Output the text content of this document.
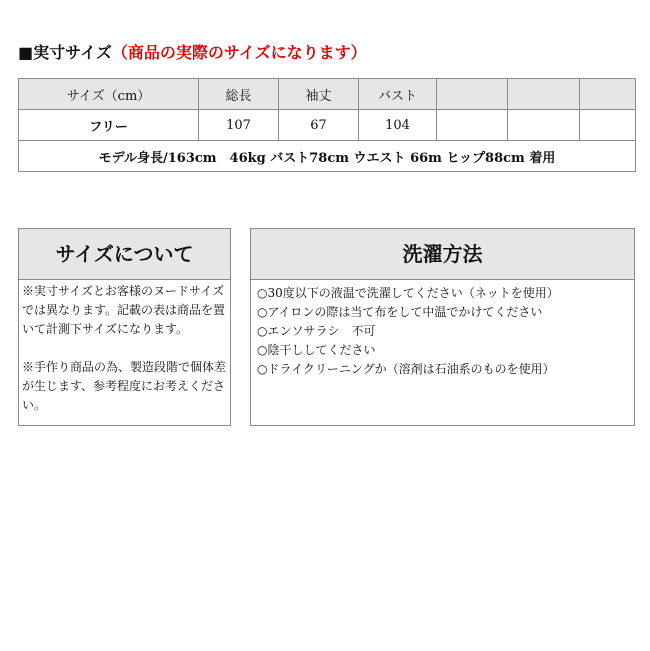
■実寸サイズ（商品の実際のサイズになります）
サイズ（cm）	総長	袖丈	バスト			
フリー	107	67	104			
モデル身長/163cm　46kg バスト78cm ウエスト 66m ヒップ88cm 着用						
サイズについて

※実寸サイズとお客様のヌードサイズでは異なります。記載の表は商品を置いて計測下サイズになります。

※手作り商品の為、製造段階で個体差が生じます、参考程度にお考えください。

洗濯方法

○30度以下の液温で洗濯してください（ネットを使用）

○アイロンの際は当て布をして中温でかけてください

○エンソサラシ　不可

○陰干ししてください

○ドライクリーニングか（溶剤は石油系のものを使用）
